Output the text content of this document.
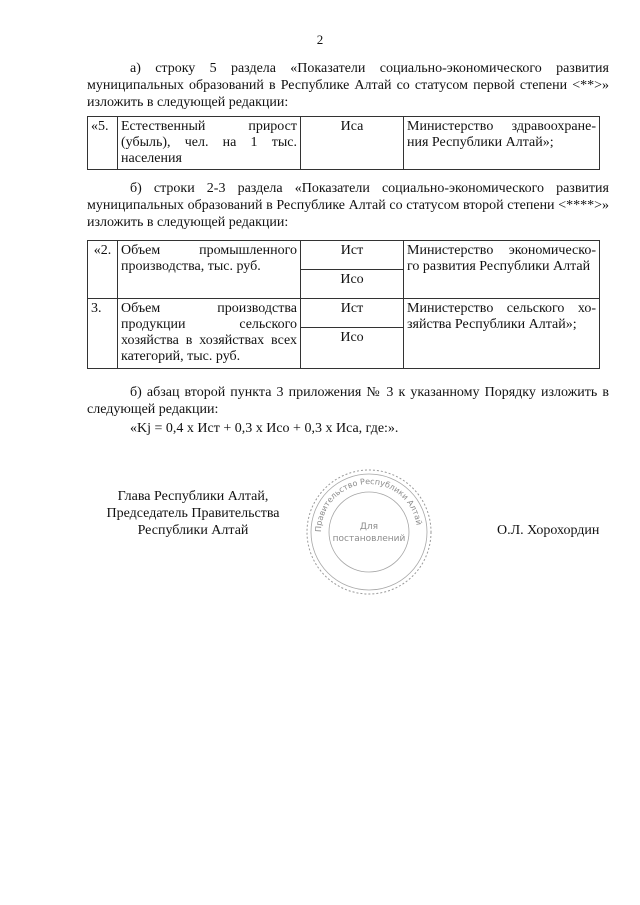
2
а) строку 5 раздела «Показатели социально-экономического развития муниципальных образований в Республике Алтай со статусом первой степени <**>» изложить в следующей редакции:
«5.	Естественный прирост (убыль), чел. на 1 тыс. населения	Иса	Министерство здравоохране-ния Республики Алтай»;
б) строки 2-3 раздела «Показатели социально-экономического развития муниципальных образований в Республике Алтай со статусом второй степени <****>» изложить в следующей редакции:
«2.	Объем промышленного производства, тыс. руб.	Ист	Министерство экономическо-го развития Республики Алтай
		Исо	
3.	Объем производства продукции сельского хозяйства в хозяйствах всех категорий, тыс. руб.	Ист	Министерство сельского хо-зяйства Республики Алтай»;
		Исо	
б) абзац второй пункта 3 приложения № 3 к указанному Порядку изложить в следующей редакции:
«Kj = 0,4 х Ист + 0,3 х Исо + 0,3 х Иса, где:».
Глава Республики Алтай,
Председатель Правительства
Республики Алтай	Правительство Республики Алтай
Для
постановлений
О.Л. Хорохордин
